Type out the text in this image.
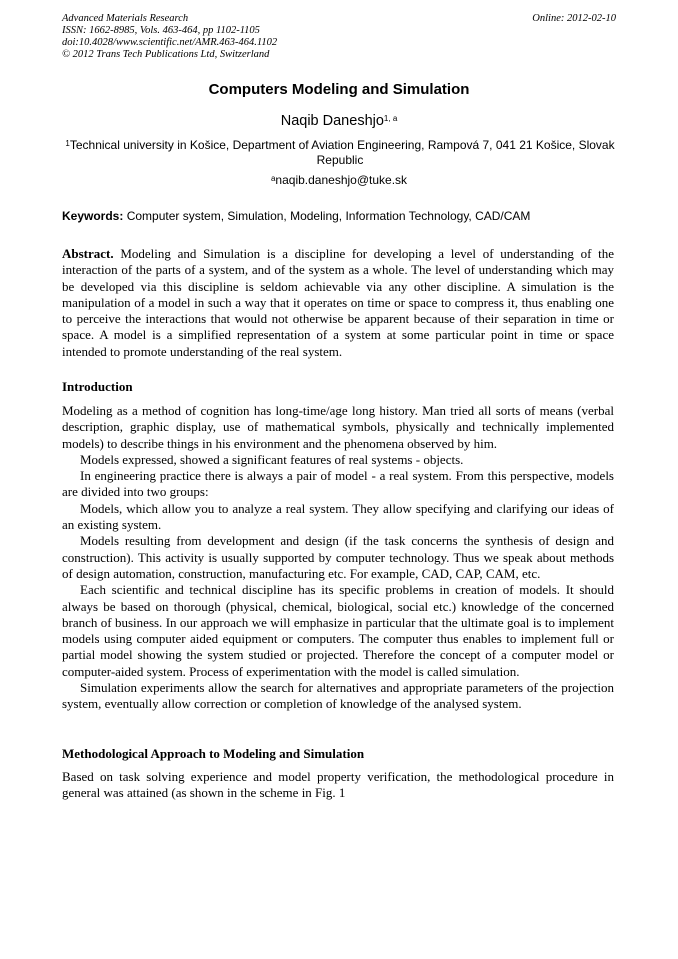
Advanced Materials Research
ISSN: 1662-8985, Vols. 463-464, pp 1102-1105
doi:10.4028/www.scientific.net/AMR.463-464.1102
© 2012 Trans Tech Publications Ltd, Switzerland
Online: 2012-02-10
Computers Modeling and Simulation
Naqib Daneshjo$^{1, a}$
$^1$Technical university in Košice, Department of Aviation Engineering, Rampová 7, 041 21 Košice, Slovak Republic
$^a$naqib.daneshjo@tuke.sk
Keywords: Computer system, Simulation, Modeling, Information Technology, CAD/CAM

Abstract. Modeling and Simulation is a discipline for developing a level of understanding of the interaction of the parts of a system, and of the system as a whole. The level of understanding which may be developed via this discipline is seldom achievable via any other discipline. A simulation is the manipulation of a model in such a way that it operates on time or space to compress it, thus enabling one to perceive the interactions that would not otherwise be apparent because of their separation in time or space. A model is a simplified representation of a system at some particular point in time or space intended to promote understanding of the real system.

Introduction

Modeling as a method of cognition has long-time/age long history. Man tried all sorts of means (verbal description, graphic display, use of mathematical symbols, physically and technically implemented models) to describe things in his environment and the phenomena observed by him.

Models expressed, showed a significant features of real systems - objects.

In engineering practice there is always a pair of model - a real system. From this perspective, models are divided into two groups:

Models, which allow you to analyze a real system. They allow specifying and clarifying our ideas of an existing system.

Models resulting from development and design (if the task concerns the synthesis of design and construction). This activity is usually supported by computer technology. Thus we speak about methods of design automation, construction, manufacturing etc. For example, CAD, CAP, CAM, etc.

Each scientific and technical discipline has its specific problems in creation of models. It should always be based on thorough (physical, chemical, biological, social etc.) knowledge of the concerned branch of business. In our approach we will emphasize in particular that the ultimate goal is to implement models using computer aided equipment or computers. The computer thus enables to implement full or partial model showing the system studied or projected. Therefore the concept of a computer model or computer-aided system. Process of experimentation with the model is called simulation.

Simulation experiments allow the search for alternatives and appropriate parameters of the projection system, eventually allow correction or completion of knowledge of the analysed system.

Methodological Approach to Modeling and Simulation

Based on task solving experience and model property verification, the methodological procedure in general was attained (as shown in the scheme in Fig. 1
